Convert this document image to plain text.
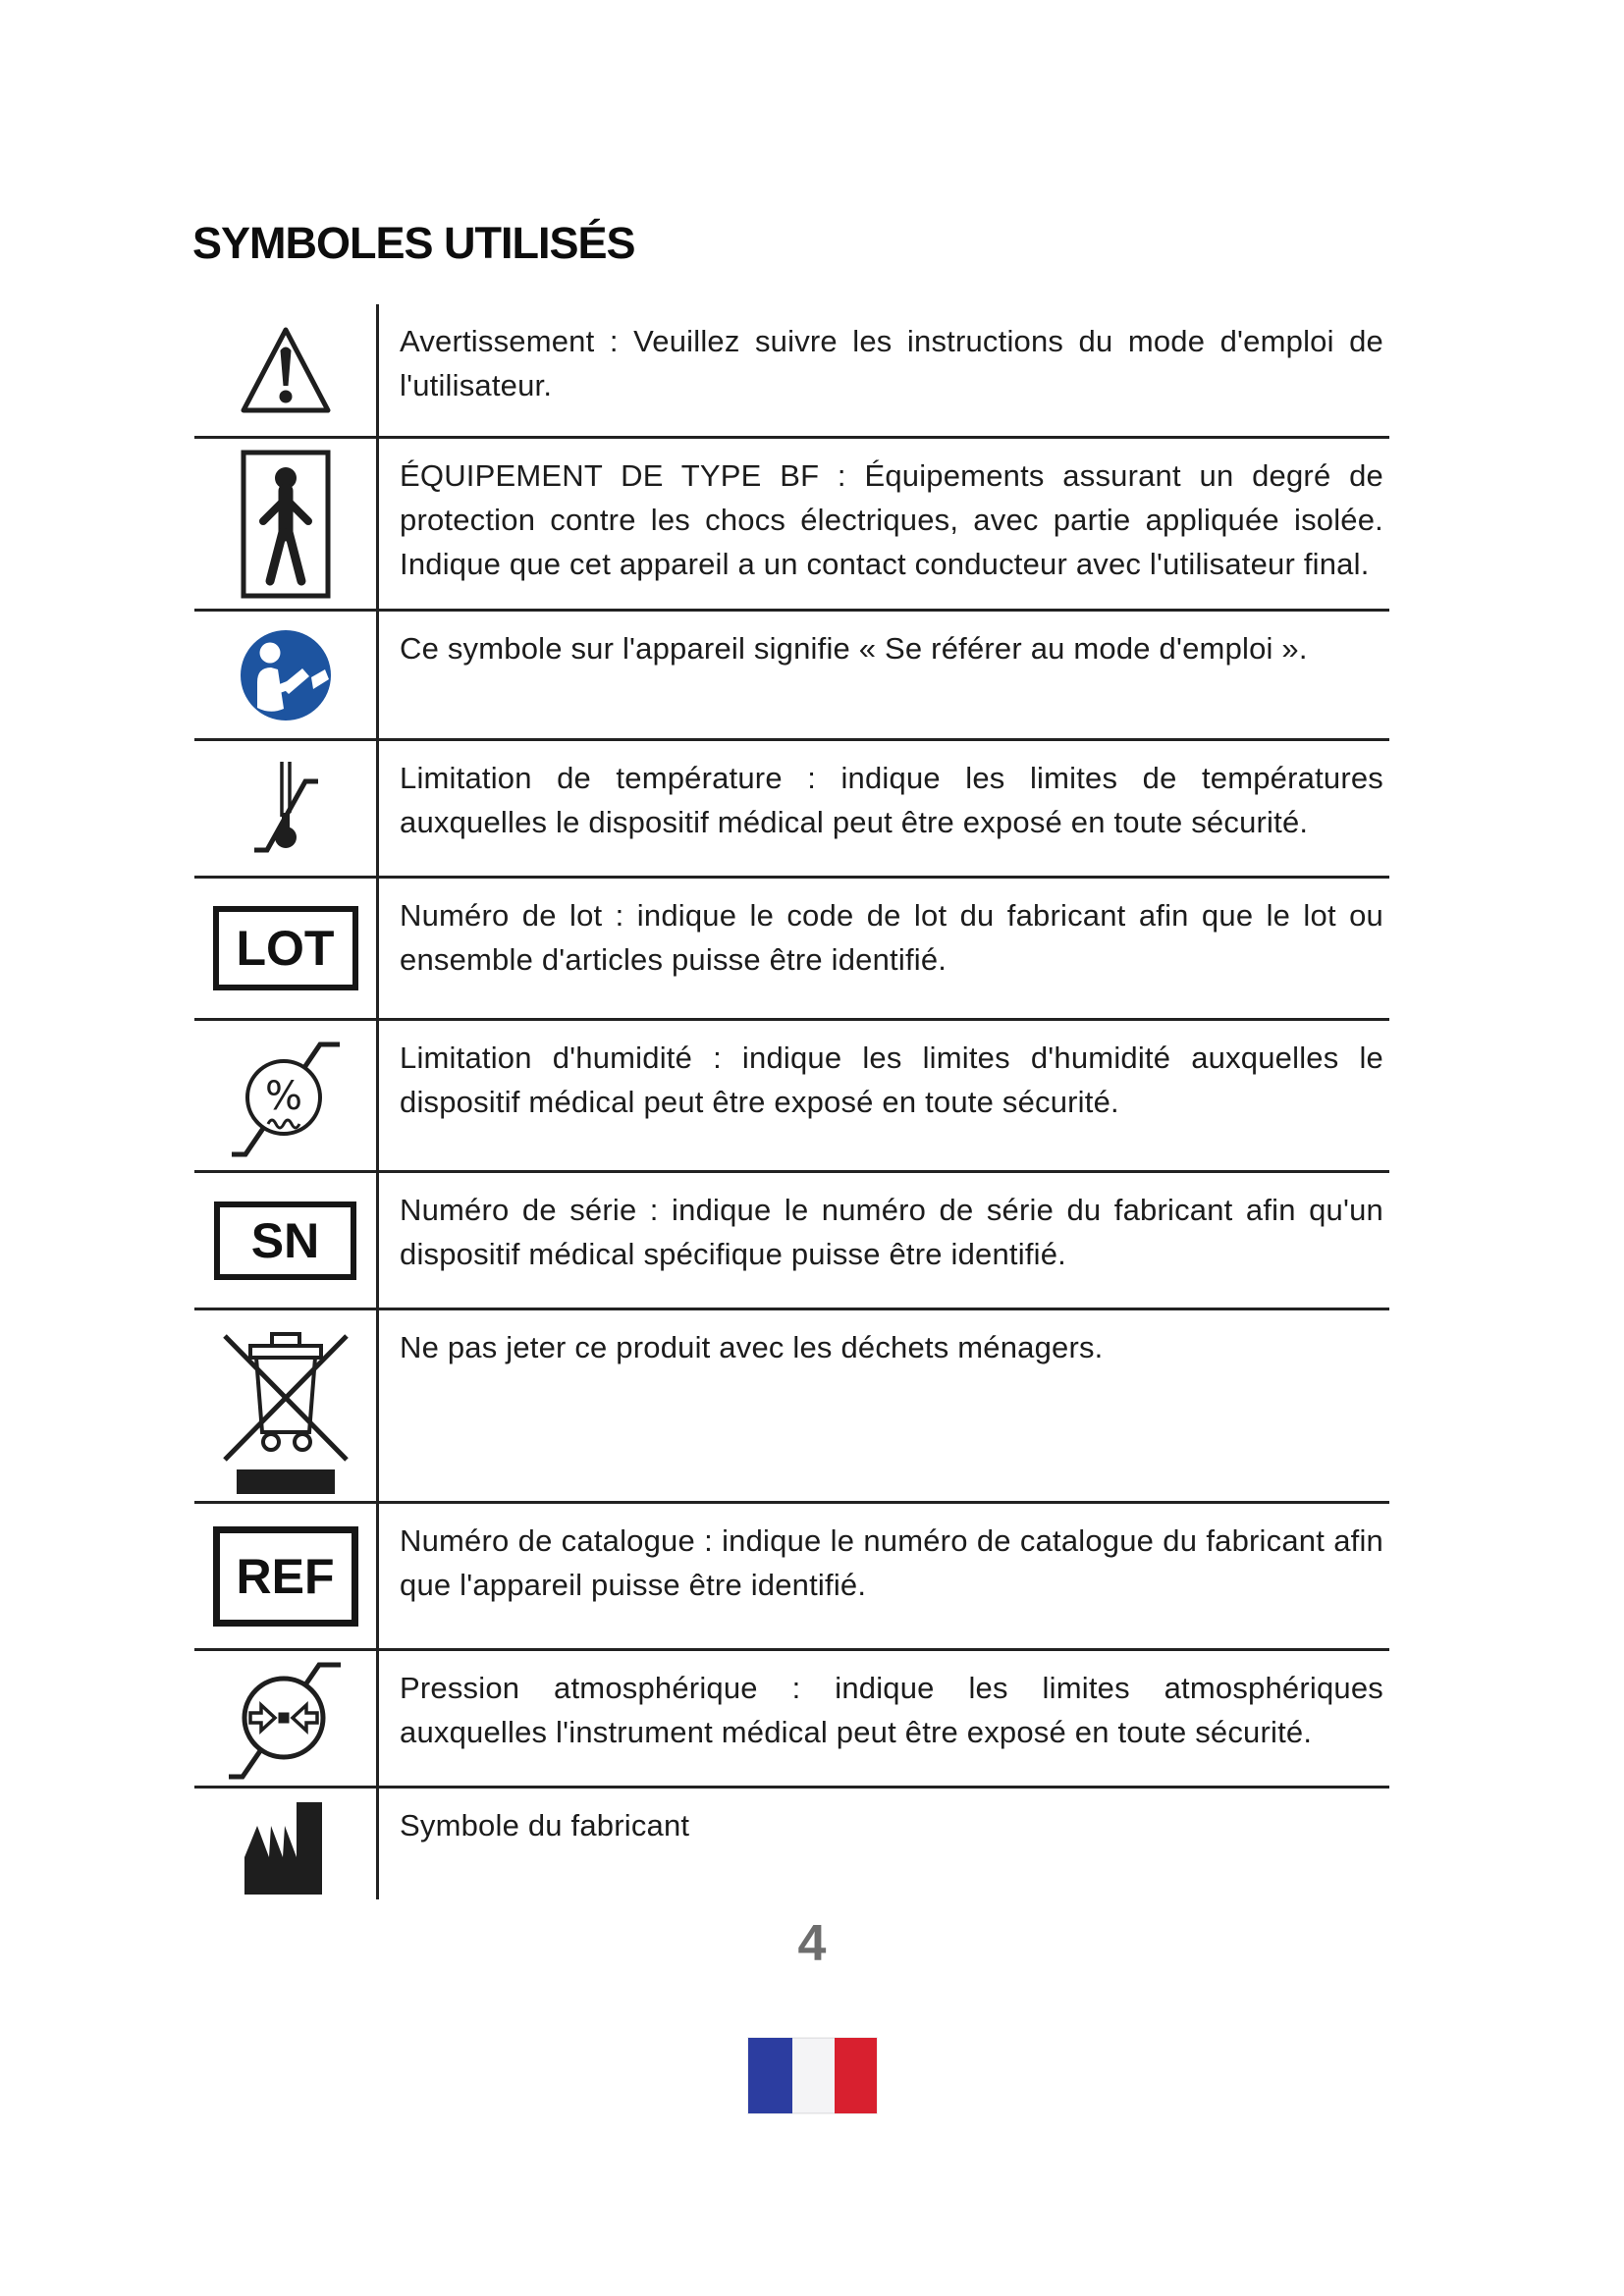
SYMBOLES UTILISÉS
Avertissement : Veuillez suivre les instructions du mode d'emploi de l'utilisateur.
ÉQUIPEMENT DE TYPE BF : Équipements assurant un degré de protection contre les chocs électriques, avec partie appliquée isolée. Indique que cet appareil a un contact conducteur avec l'utilisateur final.
Ce symbole sur l'appareil signifie « Se référer au mode d'emploi ».
Limitation de température : indique les limites de températures auxquelles le dispositif médical peut être exposé en toute sécurité.
LOT
Numéro de lot : indique le code de lot du fabricant afin que le lot ou ensemble d'articles puisse être identifié.
%
Limitation d'humidité : indique les limites d'humidité auxquelles le dispositif médical peut être exposé en toute sécurité.
SN
Numéro de série : indique le numéro de série du fabricant afin qu'un dispositif médical spécifique puisse être identifié.
Ne pas jeter ce produit avec les déchets ménagers.
REF
Numéro de catalogue : indique le numéro de catalogue du fabricant afin que l'appareil puisse être identifié.
Pression atmosphérique : indique les limites atmosphériques auxquelles l'instrument médical peut être exposé en toute sécurité.
Symbole du fabricant
4
